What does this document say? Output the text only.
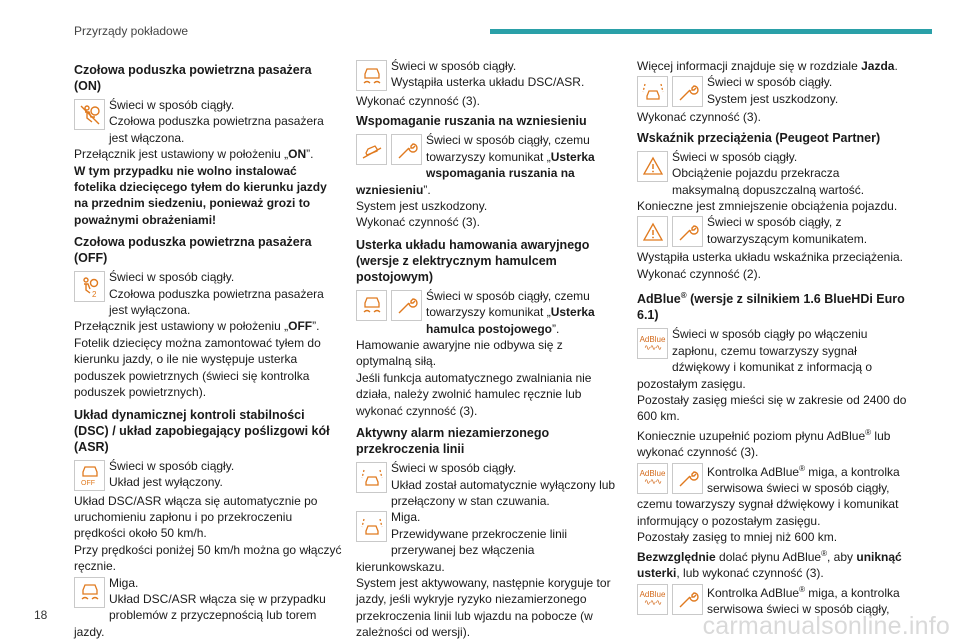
Przyrządy pokładowe
Czołowa poduszka powietrzna pasażera (ON)

Świeci w sposób ciągły.

Czołowa poduszka powietrzna pasażera jest włączona.

Przełącznik jest ustawiony w położeniu „ON”.

W tym przypadku nie wolno instalować fotelika dziecięcego tyłem do kierunku jazdy na przednim siedzeniu, ponieważ grozi to poważnymi obrażeniami!

Czołowa poduszka powietrzna pasażera (OFF)
2

Świeci w sposób ciągły.

Czołowa poduszka powietrzna pasażera jest wyłączona.

Przełącznik jest ustawiony w położeniu „OFF”.

Fotelik dziecięcy można zamontować tyłem do kierunku jazdy, o ile nie występuje usterka poduszek powietrznych (świeci się kontrolka poduszek powietrznych).

Układ dynamicznej kontroli stabilności (DSC) / układ zapobiegający poślizgowi kół (ASR)
OFF

Świeci w sposób ciągły.

Układ jest wyłączony.

Układ DSC/ASR włącza się automatycznie po uruchomieniu zapłonu i po przekroczeniu prędkości około 50 km/h.

Przy prędkości poniżej 50 km/h można go włączyć ręcznie.

Miga.

Układ DSC/ASR włącza się w przypadku problemów z przyczepnością lub torem jazdy.

Świeci w sposób ciągły.

Wystąpiła usterka układu DSC/ASR.

Wykonać czynność (3).

Wspomaganie ruszania na wzniesieniu

Świeci w sposób ciągły, czemu towarzyszy komunikat „Usterka wspomagania ruszania na wzniesieniu”.

System jest uszkodzony.

Wykonać czynność (3).

Usterka układu hamowania awaryjnego (wersje z elektrycznym hamulcem postojowym)

Świeci w sposób ciągły, czemu towarzyszy komunikat „Usterka hamulca postojowego”.

Hamowanie awaryjne nie odbywa się z optymalną siłą.

Jeśli funkcja automatycznego zwalniania nie działa, należy zwolnić hamulec ręcznie lub wykonać czynność (3).

Aktywny alarm niezamierzonego przekroczenia linii

Świeci w sposób ciągły.

Układ został automatycznie wyłączony lub przełączony w stan czuwania.

Miga.

Przewidywane przekroczenie linii przerywanej bez włączenia kierunkowskazu.

System jest aktywowany, następnie koryguje tor jazdy, jeśli wykryje ryzyko niezamierzonego przekroczenia linii lub wjazdu na pobocze (w zależności od wersji).

Więcej informacji znajduje się w rozdziale Jazda.

Świeci w sposób ciągły.

System jest uszkodzony.

Wykonać czynność (3).

Wskaźnik przeciążenia (Peugeot Partner)

Świeci w sposób ciągły.

Obciążenie pojazdu przekracza maksymalną dopuszczalną wartość.

Konieczne jest zmniejszenie obciążenia pojazdu.

Świeci w sposób ciągły, z towarzyszącym komunikatem.

Wystąpiła usterka układu wskaźnika przeciążenia.

Wykonać czynność (2).

AdBlue® (wersje z silnikiem 1.6 BlueHDi Euro 6.1)
AdBlue
∿∿∿

Świeci w sposób ciągły po włączeniu zapłonu, czemu towarzyszy sygnał dźwiękowy i komunikat z informacją o pozostałym zasięgu.

Pozostały zasięg mieści się w zakresie od 2400 do 600 km.

Koniecznie uzupełnić poziom płynu AdBlue® lub wykonać czynność (3).

AdBlue
∿∿∿

Kontrolka AdBlue® miga, a kontrolka serwisowa świeci w sposób ciągły, czemu towarzyszy sygnał dźwiękowy i komunikat informujący o pozostałym zasięgu.

Pozostały zasięg to mniej niż 600 km.

Bezwzględnie dolać płynu AdBlue®, aby uniknąć usterki, lub wykonać czynność (3).

AdBlue
∿∿∿

Kontrolka AdBlue® miga, a kontrolka serwisowa świeci w sposób ciągły,

18	carmanualsonline.info
